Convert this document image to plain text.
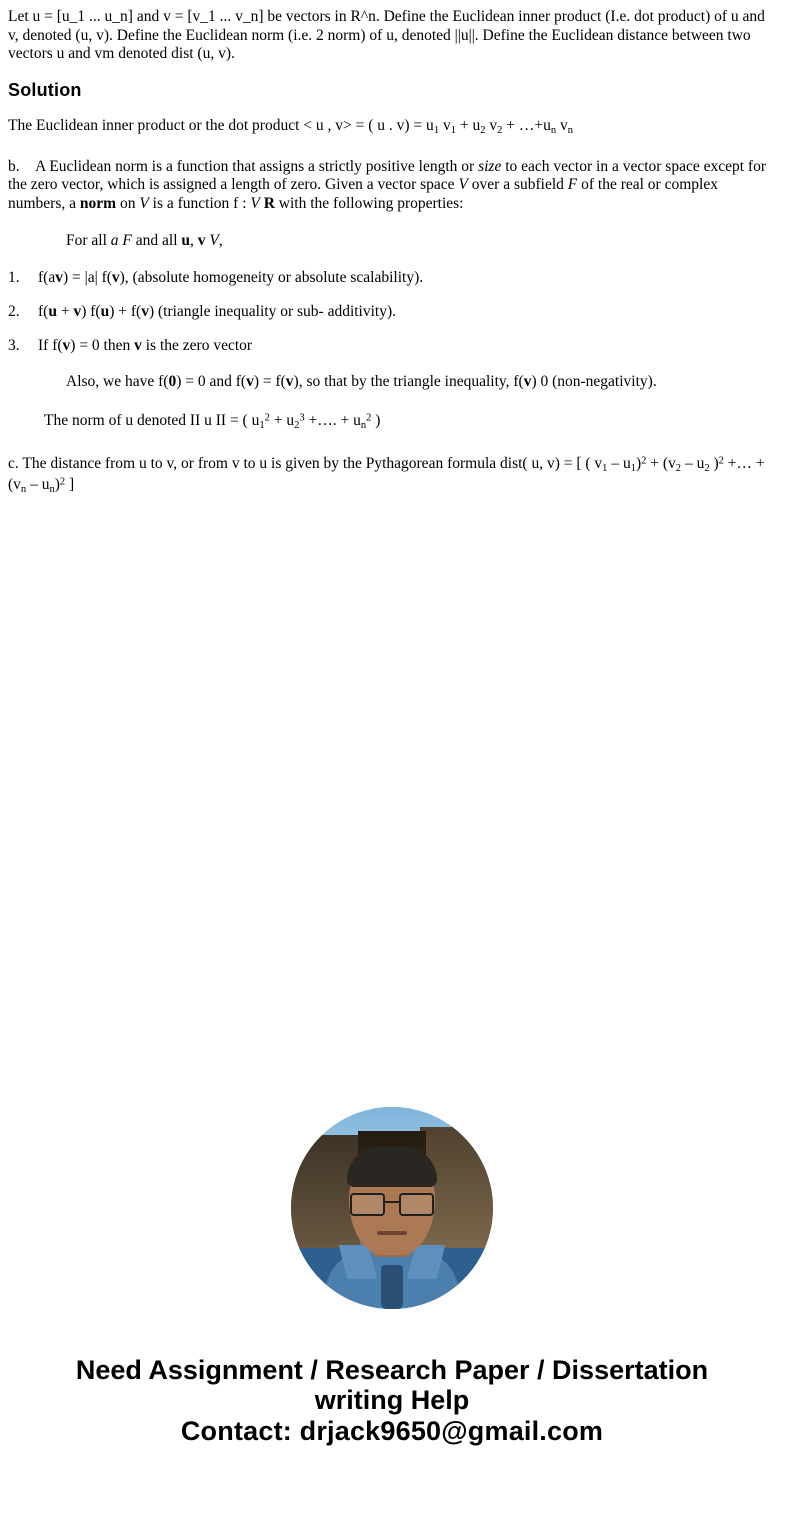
Let u = [u_1 ... u_n] and v = [v_1 ... v_n] be vectors in R^n. Define the Euclidean inner product (I.e. dot product) of u and v, denoted (u, v). Define the Euclidean norm (i.e. 2 norm) of u, denoted ||u||. Define the Euclidean distance between two vectors u and vm denoted dist (u, v).

Solution

The Euclidean inner product or the dot product < u , v> = ( u . $v) = u_1$ $v_1 + u_2$ $v_2$ + $\dots+u_n$ $v_n$

b. A Euclidean norm is a function that assigns a strictly positive length or size to each vector in a vector space except for the zero vector, which is assigned a length of zero. Given a vector space V over a subfield F of the real or complex numbers, a norm on V is a function f : V R with the following properties:

For all a F and all u, v V,

1. f(av) = |a| f(v), (absolute homogeneity or absolute scalability).
2. f(u + v) f(u) + f(v) (triangle inequality or sub- additivity).
3. If f(v) = 0 then v is the zero vector

Also, we have f(0) = 0 and f(v) = f(v), so that by the triangle inequality, f(v) 0 (non-negativity).

The norm of u denoted II u II = ( $u_1^2 + u_2^3$ +…. + $u_n^2$ )

c. The distance from u to v, or from v to u is given by the Pythagorean formula dist( u, v) = [ ( $v_1 - u_1)^2 + (v_2 - u_2$ )$^2$ +… + $(v_n - u_n)^2$ ]

Need Assignment / Research Paper / Dissertation
writing Help
Contact: drjack9650@gmail.com
